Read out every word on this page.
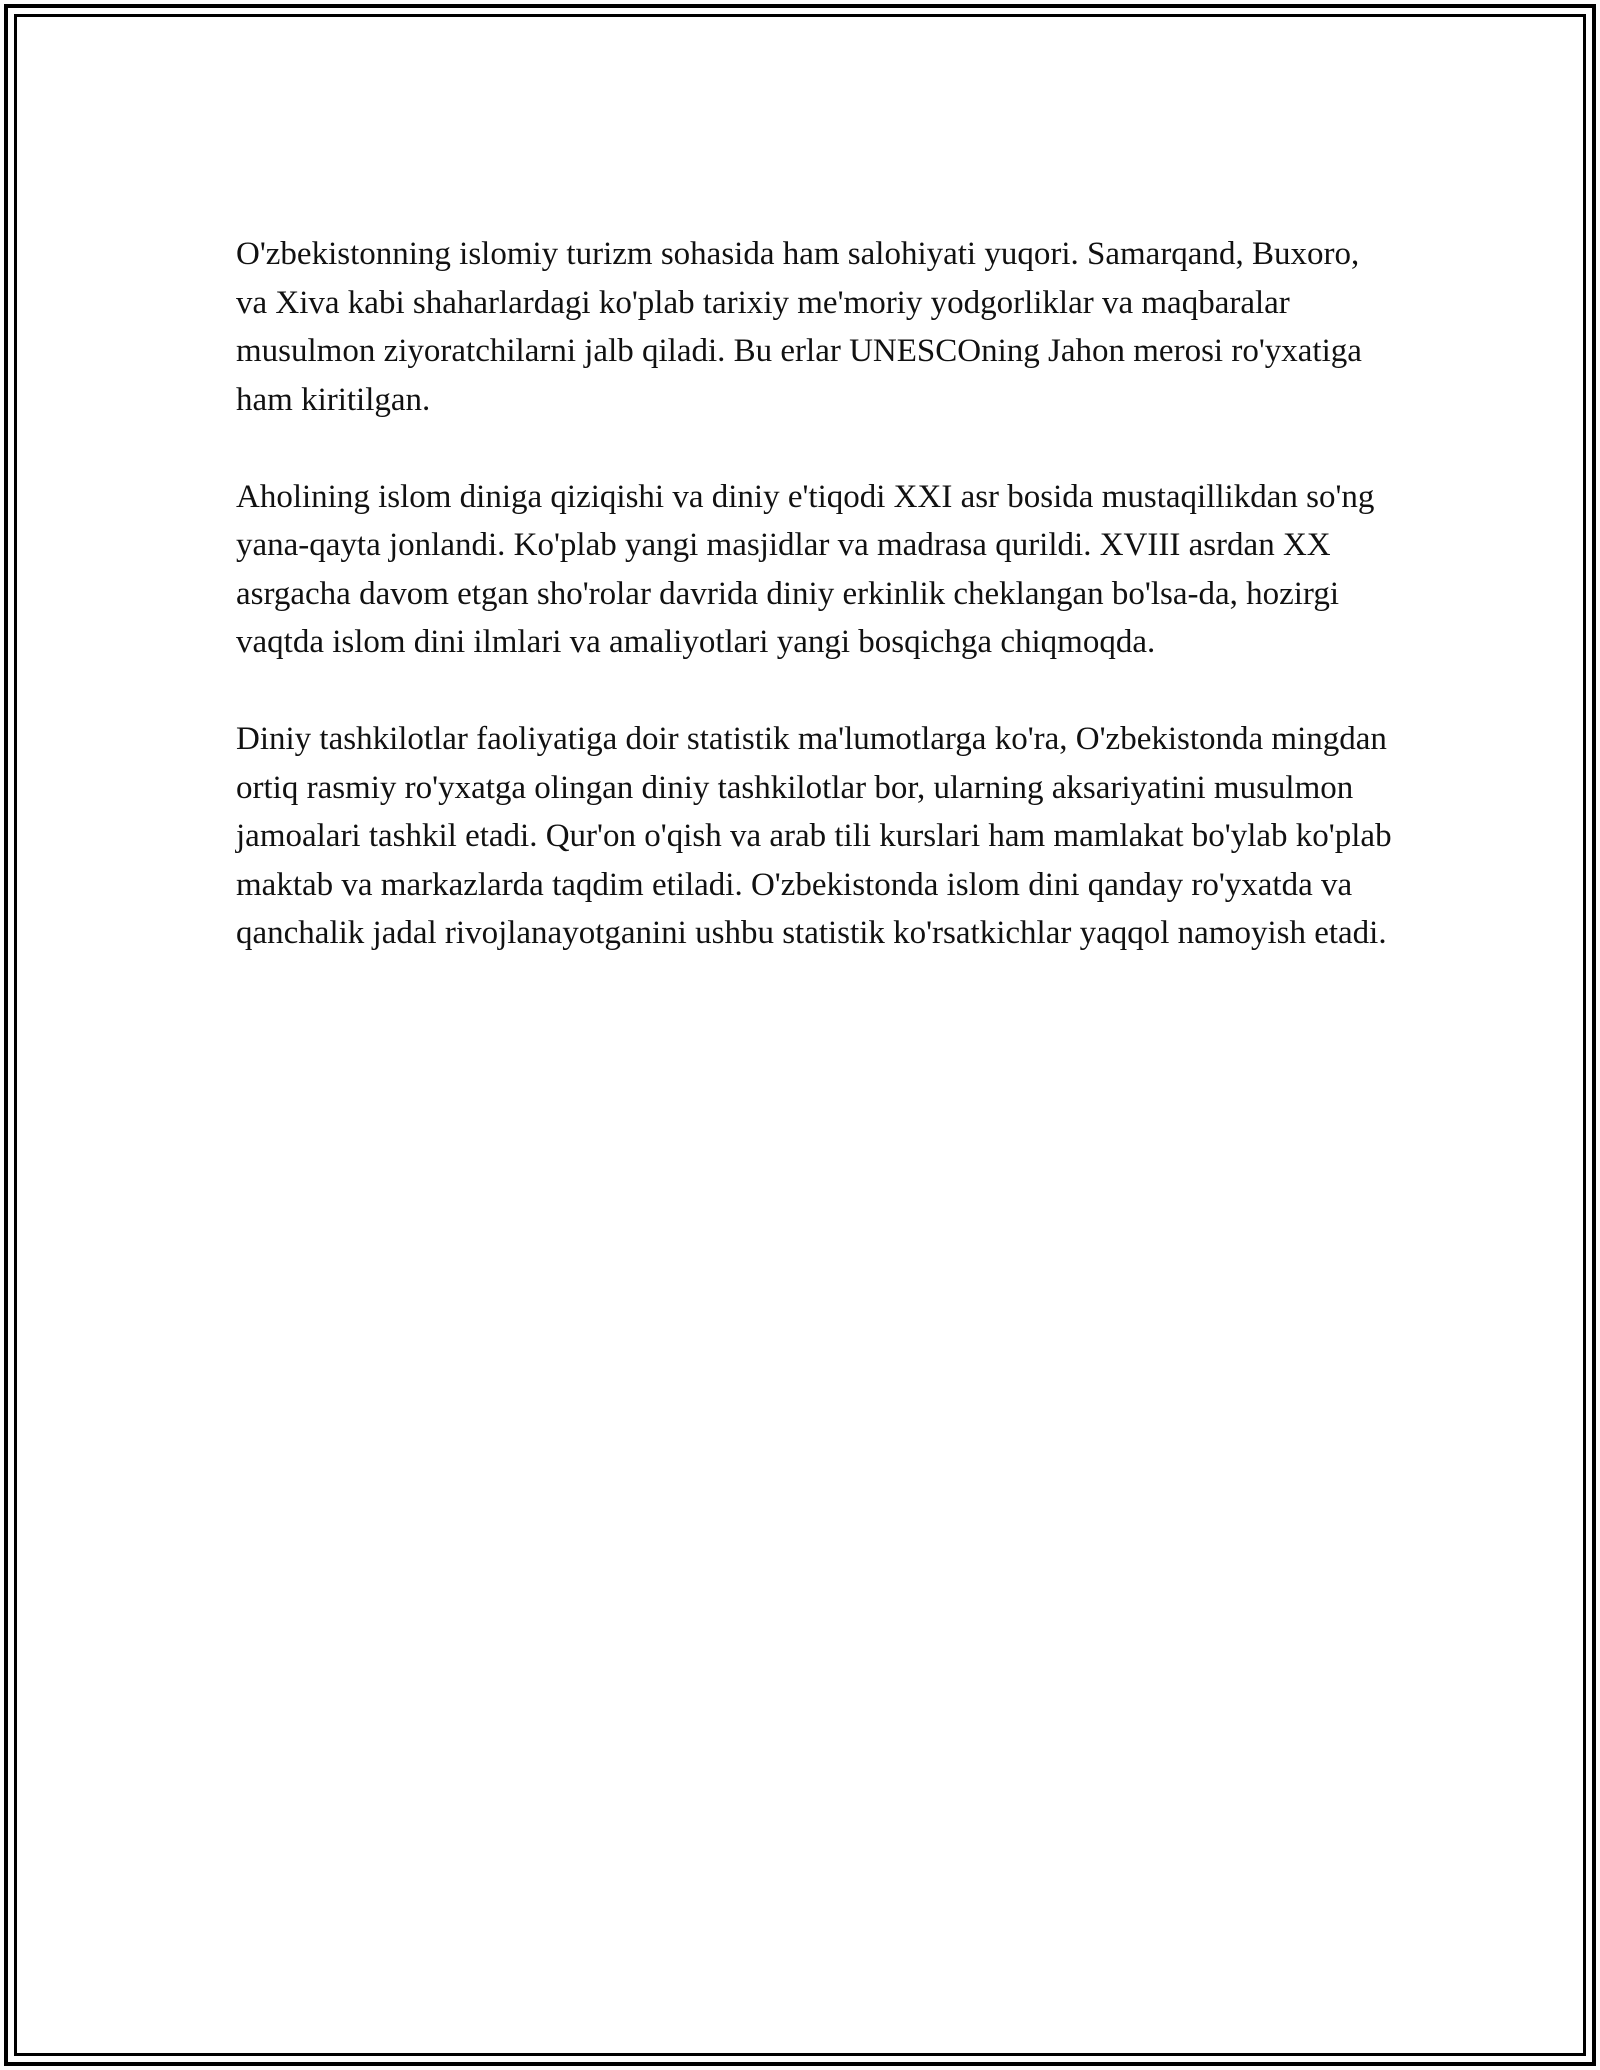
O'zbekistonning islomiy turizm sohasida ham salohiyati yuqori. Samarqand, Buxoro, va Xiva kabi shaharlardagi ko'plab tarixiy me'moriy yodgorliklar va maqbaralar musulmon ziyoratchilarni jalb qiladi. Bu erlar UNESCOning Jahon merosi ro'yxatiga ham kiritilgan.

Aholining islom diniga qiziqishi va diniy e'tiqodi XXI asr bosida mustaqillikdan so'ng yana-qayta jonlandi. Ko'plab yangi masjidlar va madrasa qurildi. XVIII asrdan XX asrgacha davom etgan sho'rolar davrida diniy erkinlik cheklangan bo'lsa-da, hozirgi vaqtda islom dini ilmlari va amaliyotlari yangi bosqichga chiqmoqda.

Diniy tashkilotlar faoliyatiga doir statistik ma'lumotlarga ko'ra, O'zbekistonda mingdan ortiq rasmiy ro'yxatga olingan diniy tashkilotlar bor, ularning aksariyatini musulmon jamoalari tashkil etadi. Qur'on o'qish va arab tili kurslari ham mamlakat bo'ylab ko'plab maktab va markazlarda taqdim etiladi. O'zbekistonda islom dini qanday ro'yxatda va qanchalik jadal rivojlanayotganini ushbu statistik ko'rsatkichlar yaqqol namoyish etadi.
